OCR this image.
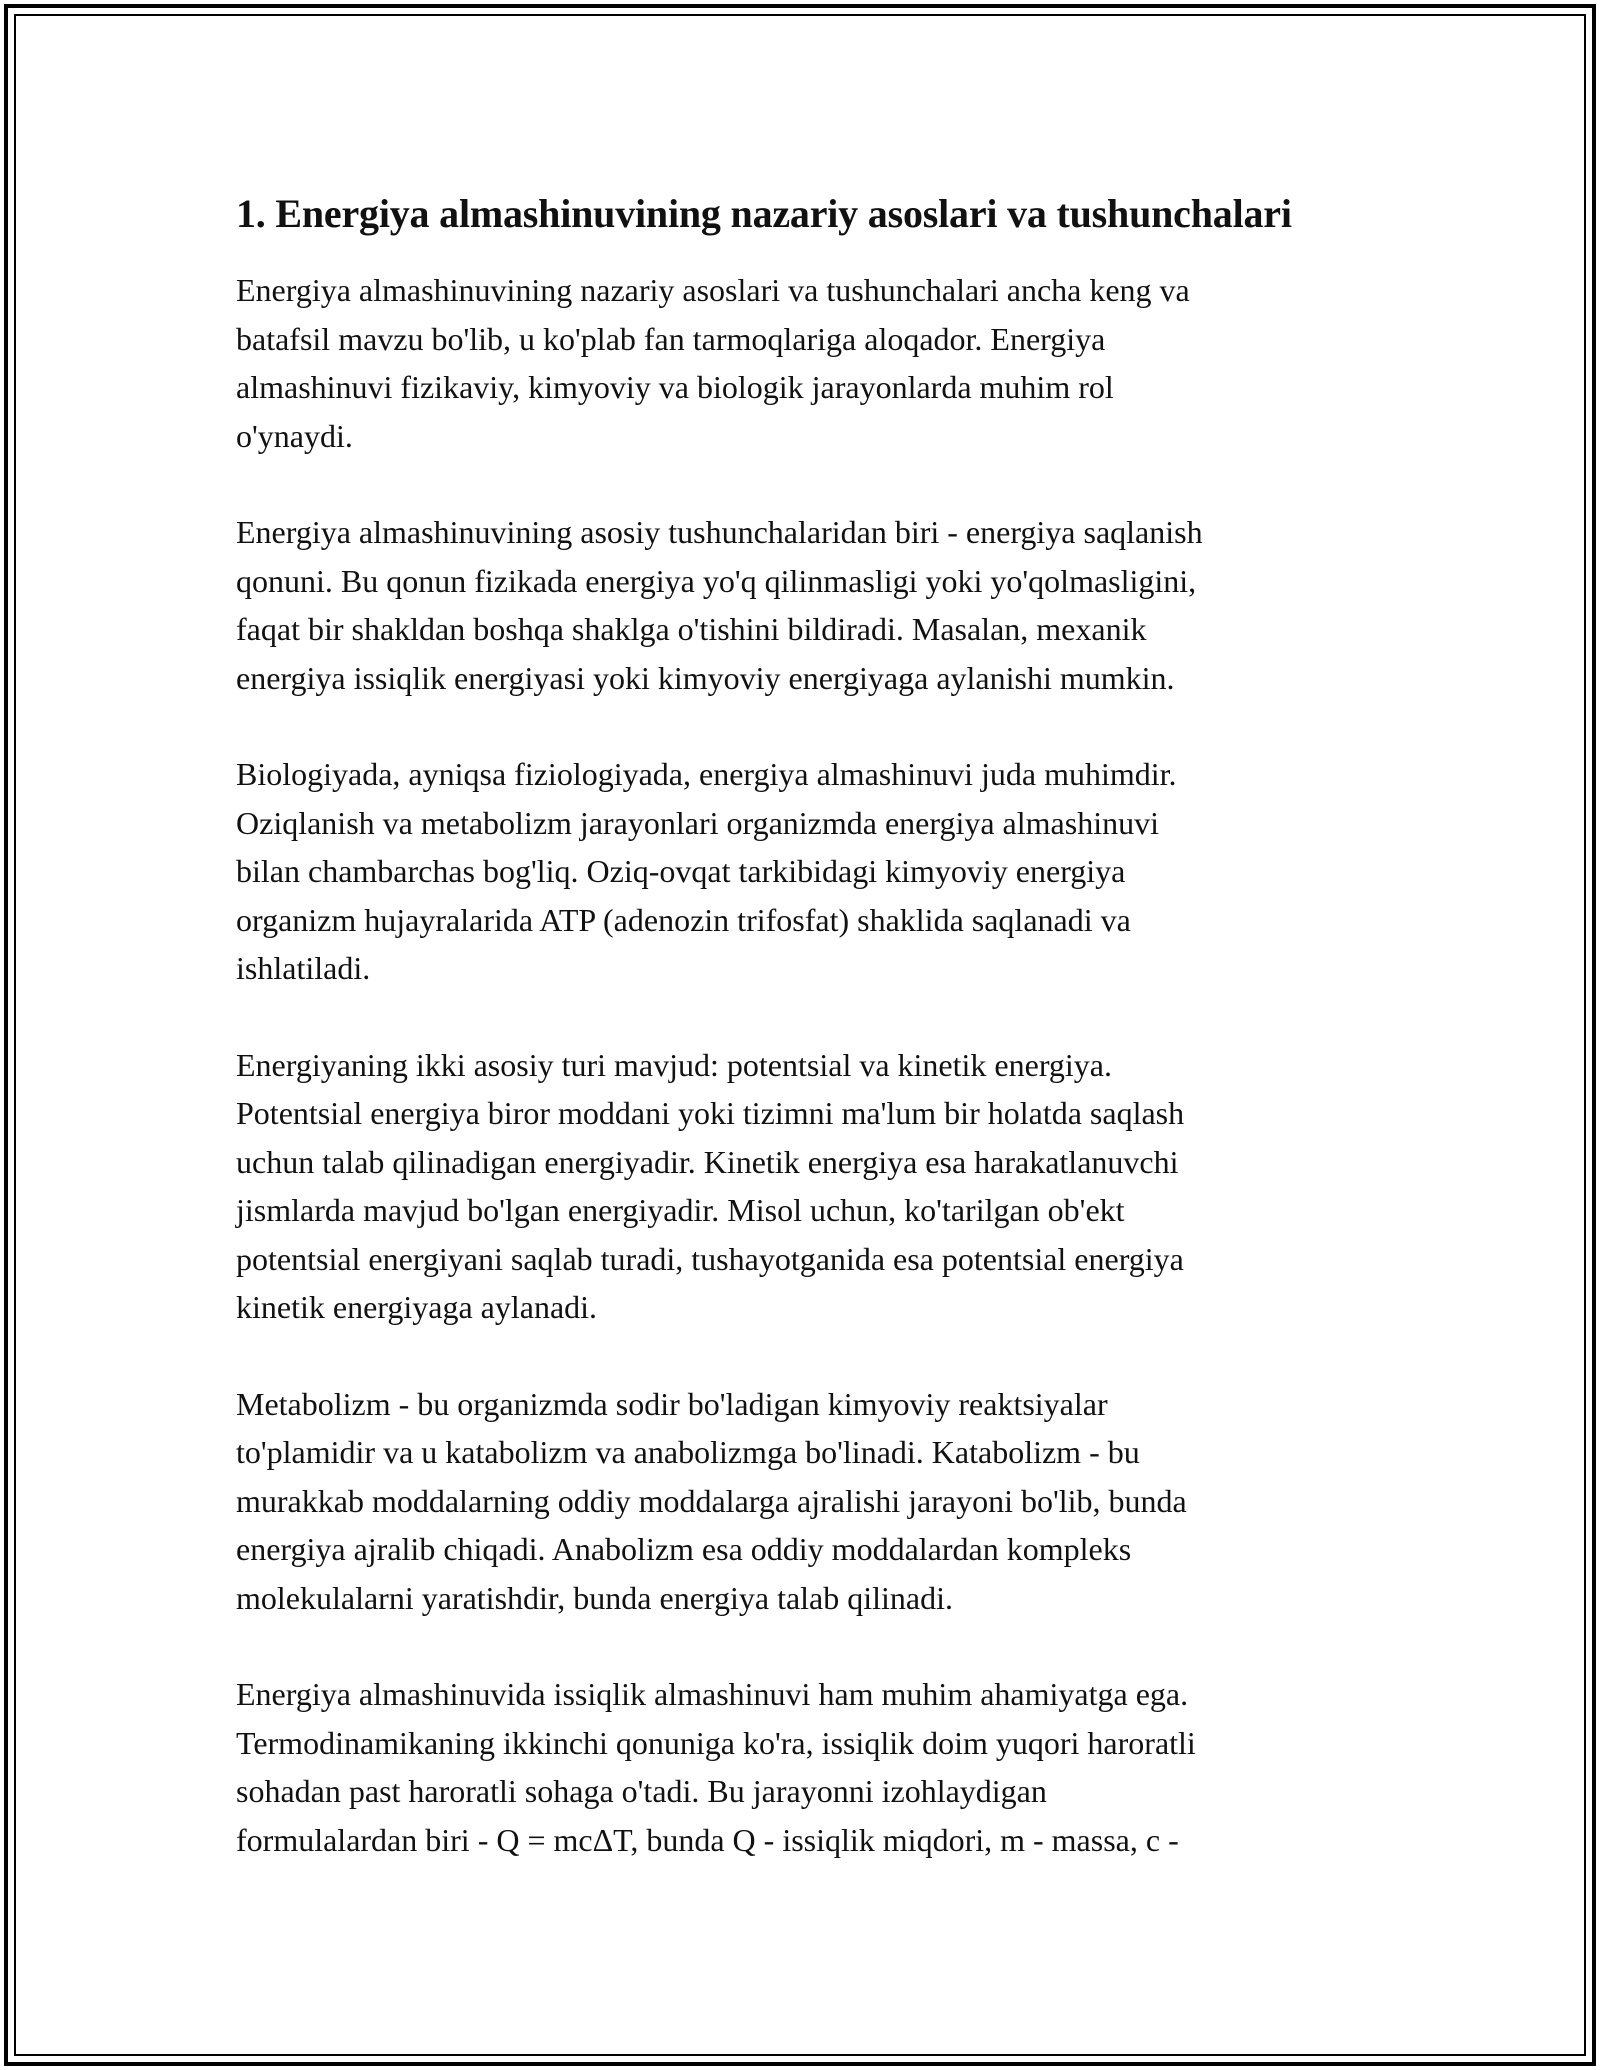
1. Energiya almashinuvining nazariy asoslari va tushunchalari

Energiya almashinuvining nazariy asoslari va tushunchalari ancha keng va
batafsil mavzu bo'lib, u ko'plab fan tarmoqlariga aloqador. Energiya
almashinuvi fizikaviy, kimyoviy va biologik jarayonlarda muhim rol
o'ynaydi.

Energiya almashinuvining asosiy tushunchalaridan biri - energiya saqlanish
qonuni. Bu qonun fizikada energiya yo'q qilinmasligi yoki yo'qolmasligini,
faqat bir shakldan boshqa shaklga o'tishini bildiradi. Masalan, mexanik
energiya issiqlik energiyasi yoki kimyoviy energiyaga aylanishi mumkin.

Biologiyada, ayniqsa fiziologiyada, energiya almashinuvi juda muhimdir.
Oziqlanish va metabolizm jarayonlari organizmda energiya almashinuvi
bilan chambarchas bog'liq. Oziq-ovqat tarkibidagi kimyoviy energiya
organizm hujayralarida ATP (adenozin trifosfat) shaklida saqlanadi va
ishlatiladi.

Energiyaning ikki asosiy turi mavjud: potentsial va kinetik energiya.
Potentsial energiya biror moddani yoki tizimni ma'lum bir holatda saqlash
uchun talab qilinadigan energiyadir. Kinetik energiya esa harakatlanuvchi
jismlarda mavjud bo'lgan energiyadir. Misol uchun, ko'tarilgan ob'ekt
potentsial energiyani saqlab turadi, tushayotganida esa potentsial energiya
kinetik energiyaga aylanadi.

Metabolizm - bu organizmda sodir bo'ladigan kimyoviy reaktsiyalar
to'plamidir va u katabolizm va anabolizmga bo'linadi. Katabolizm - bu
murakkab moddalarning oddiy moddalarga ajralishi jarayoni bo'lib, bunda
energiya ajralib chiqadi. Anabolizm esa oddiy moddalardan kompleks
molekulalarni yaratishdir, bunda energiya talab qilinadi.

Energiya almashinuvida issiqlik almashinuvi ham muhim ahamiyatga ega.
Termodinamikaning ikkinchi qonuniga ko'ra, issiqlik doim yuqori haroratli
sohadan past haroratli sohaga o'tadi. Bu jarayonni izohlaydigan
formulalardan biri - Q = mcΔT, bunda Q - issiqlik miqdori, m - massa, c -
